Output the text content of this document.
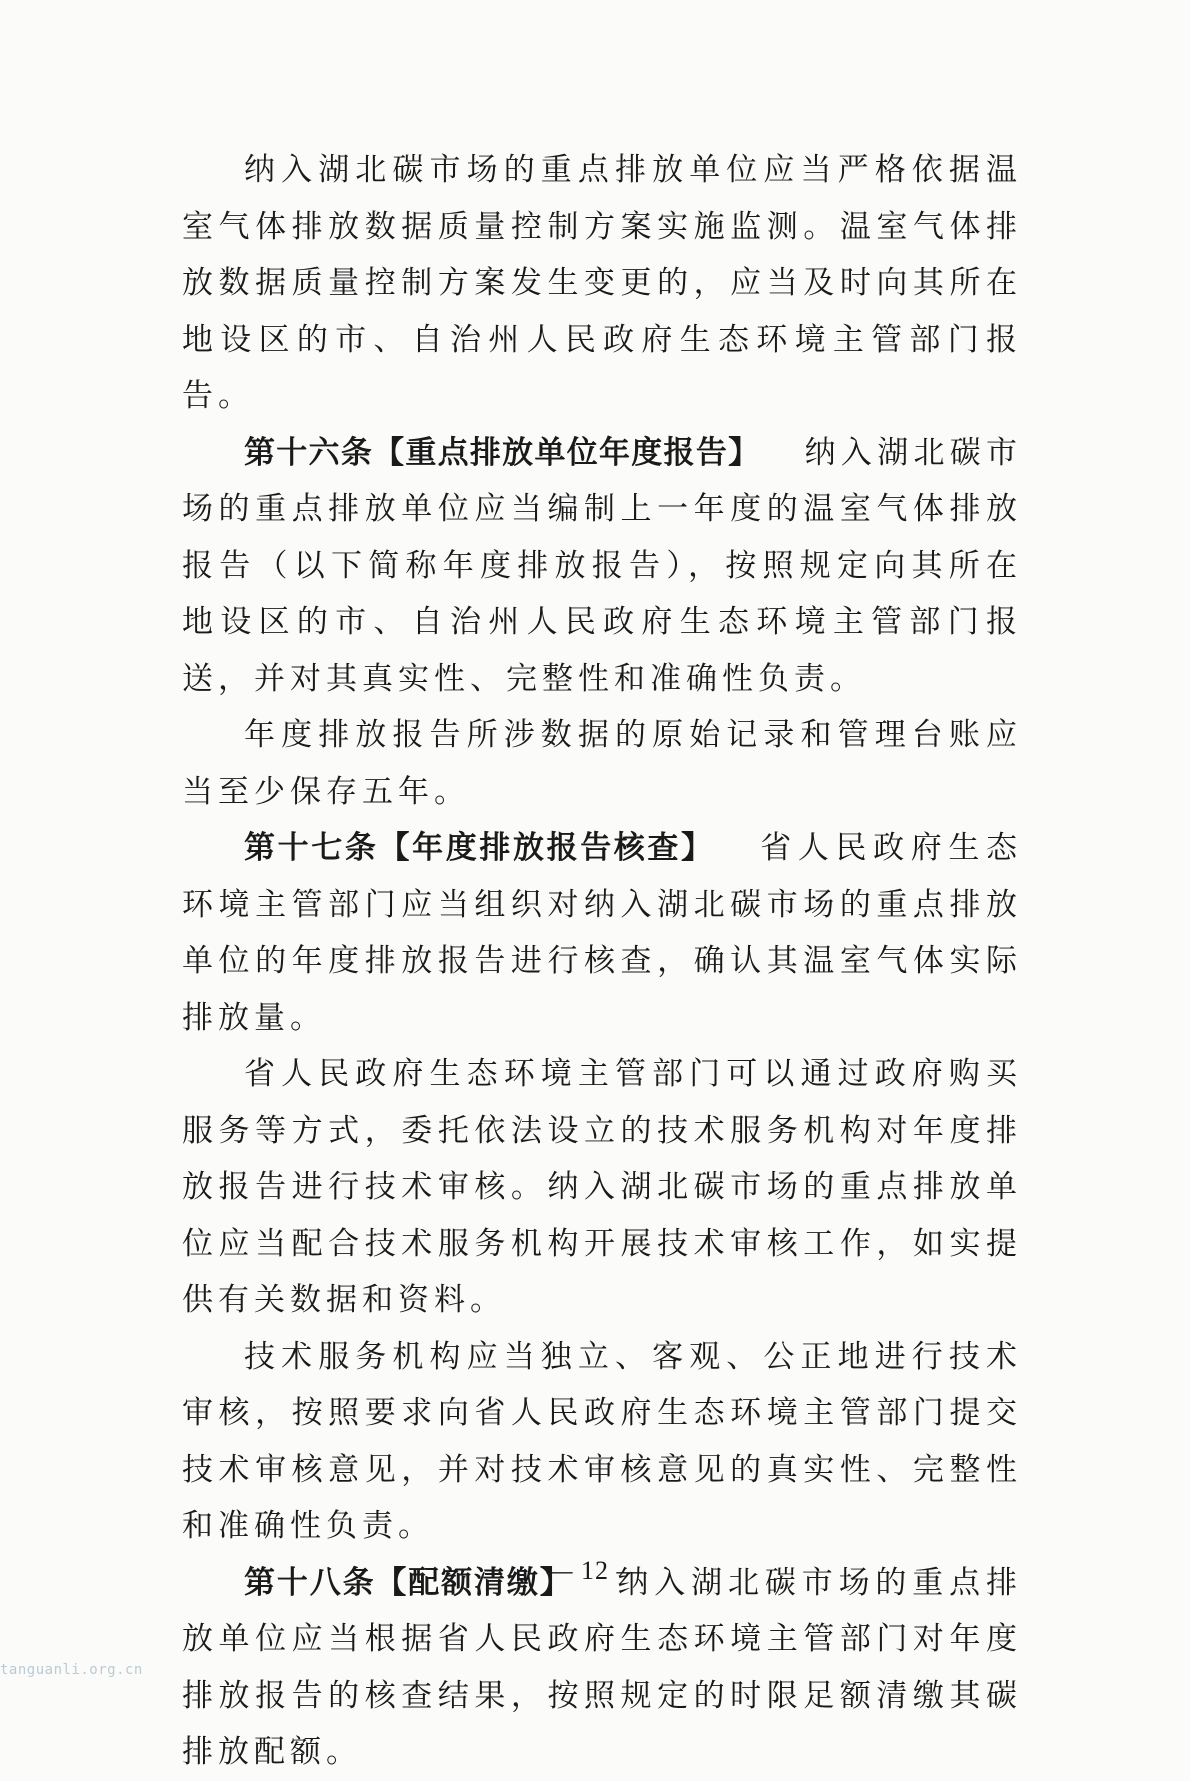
纳入湖北碳市场的重点排放单位应当严格依据温室气体排放数据质量控制方案实施监测。温室气体排放数据质量控制方案发生变更的，应当及时向其所在地设区的市、自治州人民政府生态环境主管部门报告。

第十六条【重点排放单位年度报告】 纳入湖北碳市场的重点排放单位应当编制上一年度的温室气体排放报告（以下简称年度排放报告），按照规定向其所在地设区的市、自治州人民政府生态环境主管部门报送，并对其真实性、完整性和准确性负责。

年度排放报告所涉数据的原始记录和管理台账应当至少保存五年。

第十七条【年度排放报告核查】 省人民政府生态环境主管部门应当组织对纳入湖北碳市场的重点排放单位的年度排放报告进行核查，确认其温室气体实际排放量。

省人民政府生态环境主管部门可以通过政府购买服务等方式，委托依法设立的技术服务机构对年度排放报告进行技术审核。纳入湖北碳市场的重点排放单位应当配合技术服务机构开展技术审核工作，如实提供有关数据和资料。

技术服务机构应当独立、客观、公正地进行技术审核，按照要求向省人民政府生态环境主管部门提交技术审核意见，并对技术审核意见的真实性、完整性和准确性负责。

第十八条【配额清缴】 纳入湖北碳市场的重点排放单位应当根据省人民政府生态环境主管部门对年度排放报告的核查结果，按照规定的时限足额清缴其碳排放配额。

— 12 —
tanguanli.org.cn
